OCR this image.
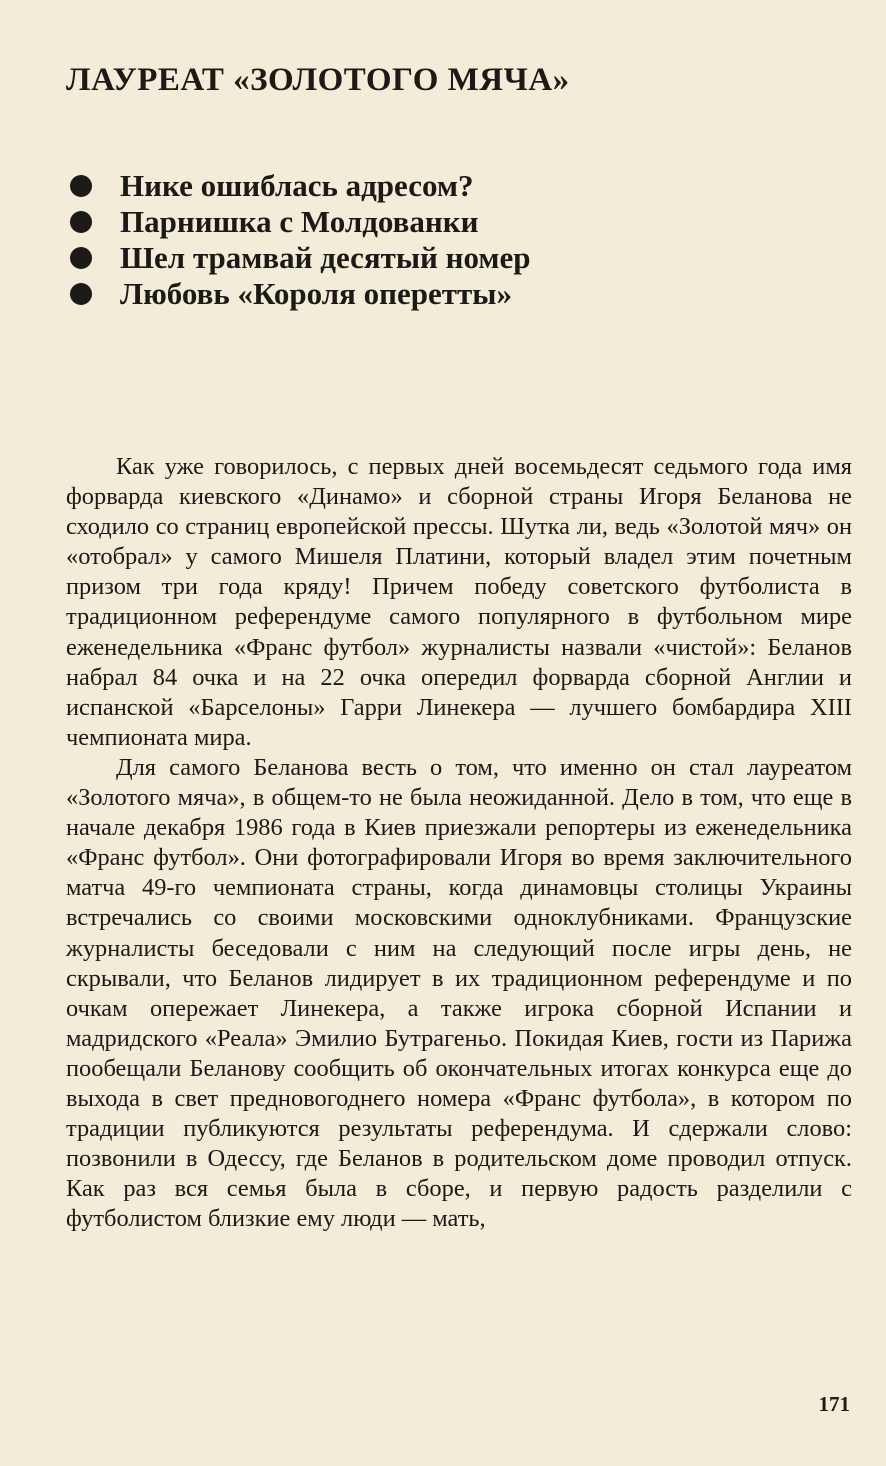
ЛАУРЕАТ «ЗОЛОТОГО МЯЧА»
Нике ошиблась адресом?
Парнишка с Молдованки
Шел трамвай десятый номер
Любовь «Короля оперетты»

Как уже говорилось, с первых дней восемьдесят седьмого года имя форварда киевского «Динамо» и сборной страны Игоря Беланова не сходило со страниц европейской прессы. Шутка ли, ведь «Золотой мяч» он «отобрал» у самого Мишеля Платини, который владел этим почетным призом три года кряду! Причем победу советского футболиста в традиционном референдуме самого популярного в футбольном мире еженедельника «Франс футбол» журналисты назвали «чистой»: Беланов набрал 84 очка и на 22 очка опередил форварда сборной Англии и испанской «Барселоны» Гарри Линекера — лучшего бомбардира XIII чемпионата мира.

Для самого Беланова весть о том, что именно он стал лауреатом «Золотого мяча», в общем-то не была неожиданной. Дело в том, что еще в начале декабря 1986 года в Киев приезжали репортеры из еженедельника «Франс футбол». Они фотографировали Игоря во время заключительного матча 49-го чемпионата страны, когда динамовцы столицы Украины встречались со своими московскими одноклубниками. Французские журналисты беседовали с ним на следующий после игры день, не скрывали, что Беланов лидирует в их традиционном референдуме и по очкам опережает Линекера, а также игрока сборной Испании и мадридского «Реала» Эмилио Бутрагеньо. Покидая Киев, гости из Парижа пообещали Беланову сообщить об окончательных итогах конкурса еще до выхода в свет предновогоднего номера «Франс футбола», в котором по традиции публикуются результаты референдума. И сдержали слово: позвонили в Одессу, где Беланов в родительском доме проводил отпуск. Как раз вся семья была в сборе, и первую радость разделили с футболистом близкие ему люди — мать,

171
